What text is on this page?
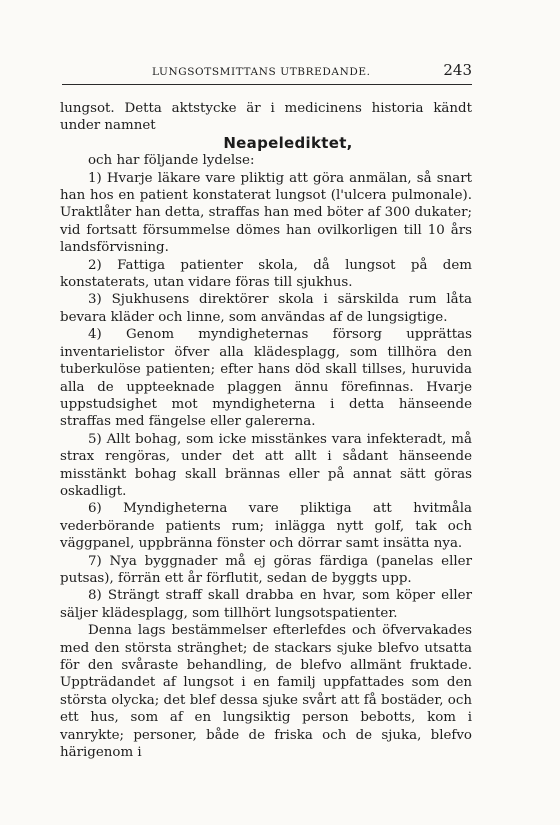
LUNGSOTSMITTANS UTBREDANDE.	243

lungsot. Detta aktstycke är i medicinens historia kändt under namnet

Neapelediktet,

och har följande lydelse:

1) Hvarje läkare vare pliktig att göra anmälan, så snart han hos en patient konstaterat lungsot (l'ulcera pulmonale). Uraktlåter han detta, straffas han med böter af 300 dukater; vid fortsatt försummelse dömes han ovilkorligen till 10 års landsförvisning.

2) Fattiga patienter skola, då lungsot på dem konstaterats, utan vidare föras till sjukhus.

3) Sjukhusens direktörer skola i särskilda rum låta bevara kläder och linne, som användas af de lungsigtige.

4) Genom myndigheternas försorg upprättas inventarielistor öfver alla klädesplagg, som tillhöra den tuberkulöse patienten; efter hans död skall tillses, huruvida alla de uppteeknade plaggen ännu förefinnas. Hvarje uppstudsighet mot myndigheterna i detta hänseende straffas med fängelse eller galererna.

5) Allt bohag, som icke misstänkes vara infekteradt, må strax rengöras, under det att allt i sådant hänseende misstänkt bohag skall brännas eller på annat sätt göras oskadligt.

6) Myndigheterna vare pliktiga att hvitmåla vederbörande patients rum; inlägga nytt golf, tak och väggpanel, uppbränna fönster och dörrar samt insätta nya.

7) Nya byggnader må ej göras färdiga (panelas eller putsas), förrän ett år förflutit, sedan de byggts upp.

8) Strängt straff skall drabba en hvar, som köper eller säljer klädesplagg, som tillhört lungsotspatienter.

Denna lags bestämmelser efterlefdes och öfvervakades med den största stränghet; de stackars sjuke blefvo utsatta för den svåraste behandling, de blefvo allmänt fruktade. Uppträdandet af lungsot i en familj uppfattades som den största olycka; det blef dessa sjuke svårt att få bostäder, och ett hus, som af en lungsiktig person bebotts, kom i vanrykte; personer, både de friska och de sjuka, blefvo härigenom i
